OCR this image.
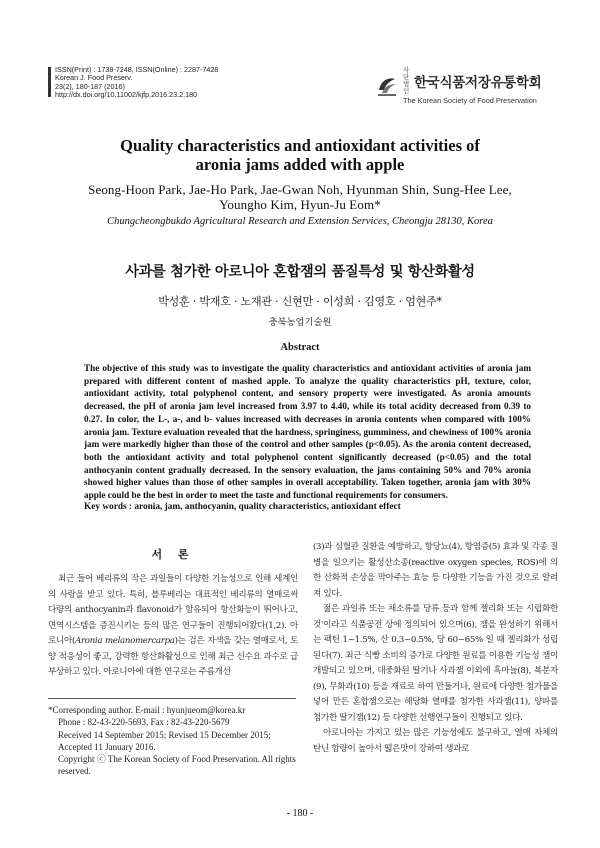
ISSN(Print) : 1738-7248, ISSN(Online) : 2287-7428
Korean J. Food Preserv.
23(2), 180-187 (2016)
http://dx.doi.org/10.11002/kjfp.2016.23.2.180
사단법인 한국식품저장유통학회
The Korean Society of Food Preservation
Quality characteristics and antioxidant activities of
aronia jams added with apple
Seong-Hoon Park, Jae-Ho Park, Jae-Gwan Noh, Hyunman Shin, Sung-Hee Lee,
Youngho Kim, Hyun-Ju Eom*
Chungcheongbukdo Agricultural Research and Extension Services, Cheongju 28130, Korea
사과를 첨가한 아로니아 혼합잼의 품질특성 및 항산화활성
박성훈 · 박재호 · 노재관 · 신현만 · 이성희 · 김영호 · 엄현주*
충북농업기술원
Abstract
The objective of this study was to investigate the quality characteristics and antioxidant activities of aronia jam prepared with different content of mashed apple. To analyze the quality characteristics pH, texture, color, antioxidant activity, total polyphenol content, and sensory property were investigated. As aronia amounts decreased, the pH of aronia jam level increased from 3.97 to 4.40, while its total acidity decreased from 0.39 to 0.27. In color, the L-, a-, and b- values increased with decreases in aronia contents when compared with 100% aronia jam. Texture evaluation revealed that the hardness, springiness, gumminess, and chewiness of 100% aronia jam were markedly higher than those of the control and other samples (p<0.05). As the aronia content decreased, both the antioxidant activity and total polyphenol content significantly decreased (p<0.05) and the total anthocyanin content gradually decreased. In the sensory evaluation, the jams containing 50% and 70% aronia showed higher values than those of other samples in overall acceptability. Taken together, aronia jam with 30% apple could be the best in order to meet the taste and functional requirements for consumers.
Key words : aronia, jam, anthocyanin, quality characteristics, antioxidant effect
서 론

최근 들어 베리류의 작은 과일들이 다양한 기능성으로 인해 세계인의 사랑을 받고 있다. 특히, 블루베리는 대표적인 베리류의 열매로써 다량의 anthocyanin과 flavonoid가 함유되어 항산화능이 뛰어나고, 면역시스템을 증진시키는 등의 많은 연구들이 진행되어왔다(1,2). 아로니아(Aronia melanomercarpa)는 검은 자색을 갖는 열매로서, 토양 적응성이 좋고, 강력한 항산화활성으로 인해 최근 신수요 과수로 급부상하고 있다. 아로니아에 대한 연구로는 주름개선

*Corresponding author. E-mail : hyunjueom@korea.kr
Phone : 82-43-220-5693, Fax : 82-43-220-5679
Received 14 September 2015; Revised 15 December 2015;
Accepted 11 January 2016.
Copyright ⓒ The Korean Society of Food Preservation. All rights reserved.

(3)과 심혈관 질환을 예방하고, 항당뇨(4), 항염증(5) 효과 및 각종 질병을 일으키는 활성산소종(reactive oxygen species, ROS)에 의한 산화적 손상을 막아주는 효능 등 다양한 기능을 가진 것으로 알려져 있다.

젊은 과일류 또는 채소류를 당류 등과 함께 젤리화 또는 시럽화한 것'이라고 식품공전 상에 정의되어 있으며(6), 잼을 완성하기 위해서는 펙틴 1~1.5%, 산 0.3~0.5%, 당 60~65% 일 때 젤리화가 성립된다(7). 최근 식빵 소비의 증가로 다양한 원료를 이용한 기능성 잼이 개발되고 있으며, 대중화된 딸기나 사과잼 이외에 흑마늘(8), 복분자(9), 무화과(10) 등을 재료로 하여 만들거나, 원료에 다양한 첨가물을 넣어 만든 혼합잼으로는 해당화 열매를 첨가한 사과잼(11), 양파를 첨가한 딸기잼(12) 등 다양한 선행연구들이 진행되고 있다.

아로니아는 가지고 있는 많은 기능성에도 불구하고, 열매 자체의 탄닌 함량이 높아서 떫은맛이 강하여 생과로

- 180 -
